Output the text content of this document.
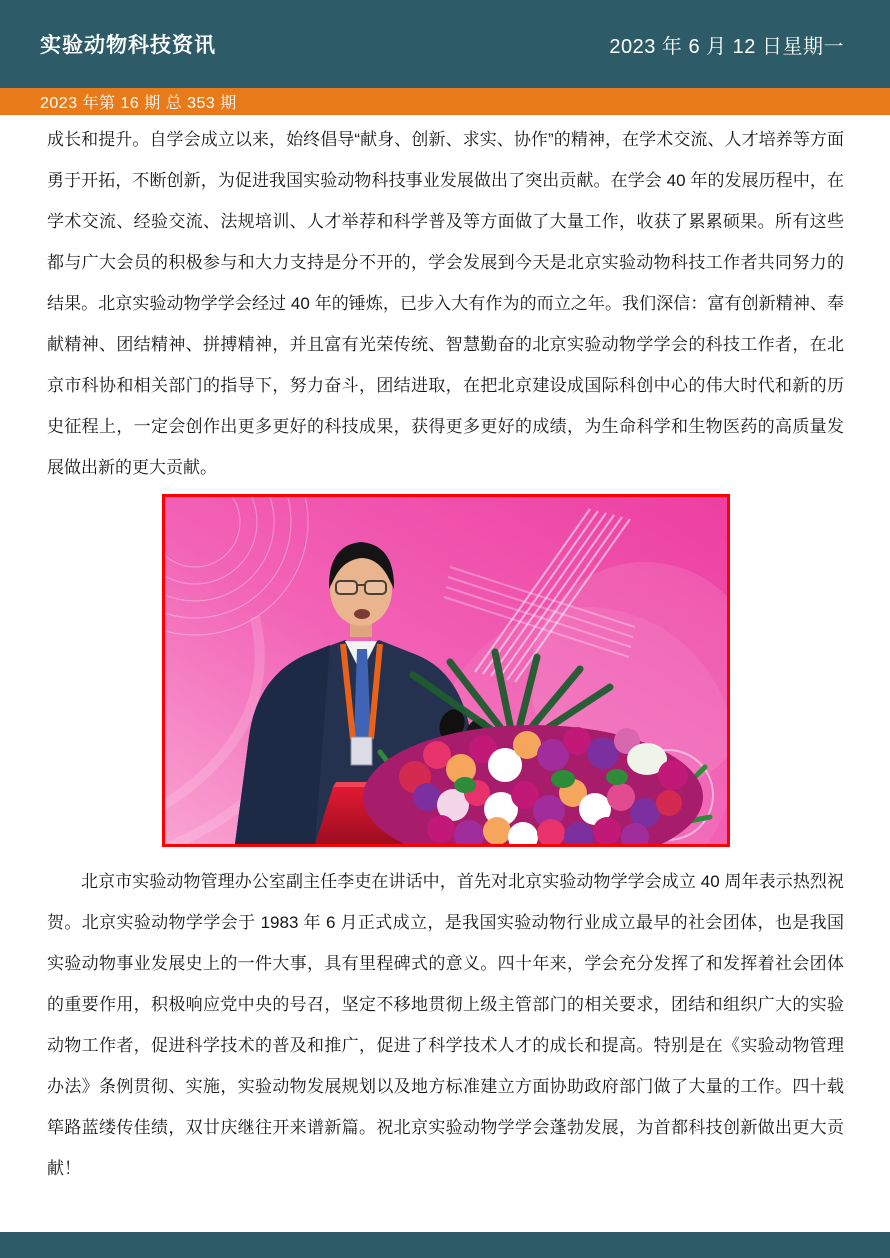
实验动物科技资讯	2023 年 6 月 12 日星期一
2023 年第 16 期 总 353 期

成长和提升。自学会成立以来，始终倡导“献身、创新、求实、协作”的精神，在学术交流、人才培养等方面勇于开拓，不断创新，为促进我国实验动物科技事业发展做出了突出贡献。在学会 40 年的发展历程中，在学术交流、经验交流、法规培训、人才举荐和科学普及等方面做了大量工作，收获了累累硕果。所有这些都与广大会员的积极参与和大力支持是分不开的，学会发展到今天是北京实验动物科技工作者共同努力的结果。北京实验动物学学会经过 40 年的锤炼，已步入大有作为的而立之年。我们深信：富有创新精神、奉献精神、团结精神、拼搏精神，并且富有光荣传统、智慧勤奋的北京实验动物学学会的科技工作者，在北京市科协和相关部门的指导下，努力奋斗，团结进取，在把北京建设成国际科创中心的伟大时代和新的历史征程上，一定会创作出更多更好的科技成果，获得更多更好的成绩，为生命科学和生物医药的高质量发展做出新的更大贡献。

北京市实验动物管理办公室副主任李吏在讲话中，首先对北京实验动物学学会成立 40 周年表示热烈祝贺。北京实验动物学学会于 1983 年 6 月正式成立，是我国实验动物行业成立最早的社会团体，也是我国实验动物事业发展史上的一件大事，具有里程碑式的意义。四十年来，学会充分发挥了和发挥着社会团体的重要作用，积极响应党中央的号召，坚定不移地贯彻上级主管部门的相关要求，团结和组织广大的实验动物工作者，促进科学技术的普及和推广，促进了科学技术人才的成长和提高。特别是在《实验动物管理办法》条例贯彻、实施，实验动物发展规划以及地方标准建立方面协助政府部门做了大量的工作。四十载筚路蓝缕传佳绩，双廿庆继往开来谱新篇。祝北京实验动物学学会蓬勃发展，为首都科技创新做出更大贡献！
